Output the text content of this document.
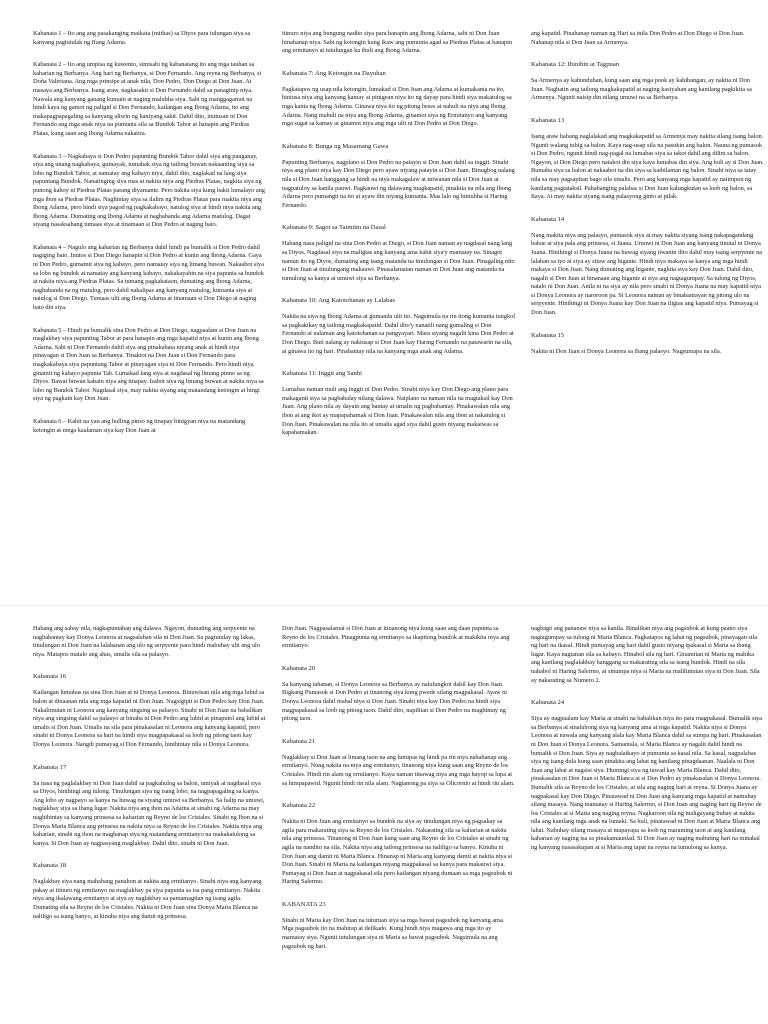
Kabanata 1 – Ito ang ang pasakanging maikata (mithas) sa Diyos para tulungan siya sa kanyang pagtutulak ng Ifang Adarna.

Kabanata 2 – Ito ang umpisa ng kuwento, simisabi ng kabanatang ito ang mga tauhan sa kaharian ng Berbanya. Ang hari ng Berbanya, si Don Fernando. Ang reyna ng Berbanya, si Doña Valeriana. Ang mga prinsipe at anak nila, Don Pedro, Don Diego at Don Juan. At masaya ang Berbanya. Isang araw, nagkasakit si Don Fernando dahil sa panaginip niya. Nawala ang kanyang ganang kumain at naging malubha siya. Sabi ng manggagamot na hindi kaya ng gamot ng paligid si Don Fernando, kailangan ang Ibong Adarna, ito ang makapagpapagaling sa kanyang aliwin ng kaniyang sakit. Dahil dito, inutusan ni Don Fernando ang mga anak niya na pumunta sila sa Bundok Tabor at hanapin ang Piedras Platas, kung saan ang Ibong Adarna nakatira.

Kabanata 3 – Nagkabaya si Don Pedro papunting Bundok Tabor dahil siya ang panganay, siya ang unang nagkabaya, gumayak, tumahak siya ng tatlong buwan nakaanting siya sa lobo ng Bundok Tabor, at namatay ang kabayo niya, dahil dito, naglakad na lang siya papuntang Bundok. Nanatinging siya mas at nakita niya ang Piedras Platas, nagkita siya ng punong kahoy ni Piedras Platas parang diyamante. Pero nakita siya kung bakit lumalayo ang mga ibon sa Piedras Platas. Naghintay siya sa ilalim ng Piedras Platas para makita niya ang Ibong Adarna, pero hindi siya pagod ng pagkakabayo, natulog siya at hindi niya nakita ang Ibong Adarna. Dumating ang Ibong Adarna at nagbabanda ang Adarna matulog. Dagat siyang nasaksahang tumaas siya at tinamaan si Don Pedro at naging bato.

Kabanata 4 – Nagulo ang kaharian ng Berbanya dahil hindi pa bumalik si Don Pedro dahil nagiging bato. Inutos si Don Diego hanapin si Don Pedro at kunin ang Ibong Adarna. Gaya ni Don Pedro, gumamit siya ng kabayo, pero namatay siya ng limang buwan. Nakaabot siya sa lobo ng bundok at namatay ang kanyang kabayo, nakakayahin na siya papunta sa bundok at nakita niya ang Piedras Platas. Sa tumang pagkakataon, dumating ang Ibong Adarna, naghahanda na ng matulog, pero dahil nakalipas ang kanyang matulog, kumanta siya at natulog si Don Diego. Tumaas ulit ang Ibong Adarna at tinamaan si Don Diego at naging bato din siya.

Kabanata 5 – Hindi pa bumalik sina Don Pedro at Don Diego, nagpaalam si Don Juan na maglakbay siya papunting Tabor at para hanapin ang mga kapatid niya at kunin ang Ibong Adarna. Sabi ni Don Fernando dahil siya ang pinakabata niyang anak at hindi siya pinayagan si Don Juan sa Berbanya. Tinaktot na Don Juan si Don Fernando para magkakabaya siya papuntang Tabor at pinayagan siya ni Don Fernando. Pero hindi niya ginamit ng kabayo papunta Tab. Lumakad lang siya at nagdasal ng limang pinno sa ng Diyos. Bawat buwan kabain niya ang tinapay. Isabot siya ng limang buwan at nakita niya sa lobo ng Bundok Tabor. Nagdasal siya, may nakita siyang ang matandang ketongin at hingi siya ng pagkain kay Don Juan.

Kabanata 6 – Kahit na yan ang hulling pinso ng tinapay binigyan niya na matandang ketongin at mega kaalaman siya kay Don Juan at

itinuro niya ang bungung nadito siya para hanapin ang Ibong Adarna, sabi ni Don Juan hinahanap niya. Sabi ng ketongin kung ikaw ang pumunta agad sa Piedras Platas at hanapin ang ermitanyo at tutulungan ka ihuli ang Ibong Adarna.

Kabanata 7: Ang Ketongin na Dayuhan

Pagkatapos ng usap nila ketongin, lumakad si Don Juan ang Adarna at kumakanta na ito, hiniusa niya ang kanyang kamay at pinigean niya ito ng dayap para hindi siya makatulog sa mga kanta ng Ibong Adarna. Ginawa niya ito ng pitong beses at nahuli na niya ang Ibong Adarna. Nang mahuli na niya ang Ibong Adarna, ginamot siya ng Ermitanyo ang kanyang mga sugat sa kamay at ginamot niya ang mga ulit ni Don Pedro at Don Diego.

Kabanata 8: Bunga ng Masamang Gawa

Papunting Berbanya, nagplano si Don Pedro na patayin si Don Juan dahil sa inggit. Sinabi niya ang plano niya kay Don Diego pero ayaw niyang patayin si Don Juan. Binugbog nalang nila si Don Juan hanggang sa hindi na niya makagalaw at iniwanan nila si Don Juan at nagpatuloy sa kanila pauwi. Pagkauwi ng dalawang magkapatid, pinakita na nila ang Ibong Adarna pero pumangit na ito at ayaw din niyang kumanta. Mas lalo ng lumubha si Haring Fernando.

Kabanata 9: Sagot sa Taimtim na Dasal

Habang nasa paligid na sina Don Pedro at Diego, si Don Juan naman ay nagdasal nang lang sa Diyos. Nagdasal siya na maligtas ang kanyang ama kahit siya'y mamatay na. Sinagot naman ito ng Diyos, dumating ang isang matanda na tinulungan si Don Juan. Pinagaling nito si Don Juan at tinulungang makauwi. Pinasalamatan naman ni Don Juan ang matanda na tumulong sa kanya at umuwi siya sa Berbanya.

Kabanata 10: Ang Katotohanan ay Lalabas

Nakita na siya ng Ibong Adarna at gumanda ulit ito. Nagsimula na rin itong kumanta tungkol sa pagkakikay ng tatlong magkakapatid. Dahil dito'y nanatili nang gumaling si Don Fernando at nalaman ang katotohanan sa pangyayari. Mara siyang nagalit kina Don Pedro at Don Diego. Buti nalang ay nakiusap si Don Juan kay Haring Fernando na patawarin na sila, at ginawa ito ng hari. Pinabantay nila na kanyang mga anak ang Adarna.

Kabanata 11: Inggit ang Sanhi

Lumabas naman muli ang inggit ni Don Pedro. Sinabi niya kay Don Diego ang plano para makaganti siya sa pagbabalay nilang dalawa. Naiplano na naman nila na magtaksil kay Don Juan. Ang plano nila ay dayain ang bantay at umalis ng pagbabantay. Pinakawalan nila ang ibon at ang ikot ay mapapahamak si Don Juan. Pinakawalan nila ang ibon at nakatulog si Don Juan. Pinakawalan na nila ito at umalis agad siya dahil gusto niyang makaiwas sa kapahamakan.

ang kapatid. Pinahanap naman ng Hari sa inila Don Pedro at Don Diego si Don Juan. Nahanap nila si Don Juan sa Armenya.

Kabanata 12: Ibinibin at Tagpuan

Sa Armenya ay kabunduhan, kung saan ang mga pook ay kahibangan, ay nakita ni Don Juan. Nagbatin ang tatlong magkakapatid at naging kasiyahan ang kanilang pagkikita sa Armenya. Ngunit naisip din nilang umuwi na sa Berbanya.

Kabanata 13

Isang araw habang naglalakad ang magkakapatid sa Armenya may nakita silang isang balon. Ngunit walang tubig sa balon. Kaya nag-usap sila na pasukin ang balon. Nauna ng pumasok si Don Pedro, ngunit hindi nag-pagal na lumabas siya sa takot dahil ang dilim sa balon. Ngayon, si Don Diego pero natakot din siya kaya lumabas din siya. Ang huli ay si Don Juan. Bumaba siya sa balon at nakaabot na din siya sa kaibilaman ng balon. Sinabi niya sa tatay nila sa may pagsapitan bago sila umalis. Pero ang kanyang mga kapatid ay naiimpon ng kanilang pagtataksil. Pahabanging palabas si Don Juan kalungkutan sa loob ng balon, sa Itaya. At may nakita siyang isang palasyong ginto at pilak.

Kabanata 14

Nang makita niya ang palasyo, pumasok siya at may nakita siyang isang nakapagandang babae at siya pala ang prinsesa, si Juana. Umuwi ni Don Juan ang kanyang tinutal ni Donya Juana. Hinihingi si Donya Juana na huwag siyang iiwanin dito dahil may isang serpyente na lalaban sa iyo at siya ay sitaw ang higante. Hindi niya makaya sa kanya ang mga hindi makaya si Don Juan. Nang dumating ang higante, nagkita siya kay Don Juan. Dahil dito, nagalit si Don Juan at binanaan ang higante at siya ang nagtagumpay. Sa tulong ng Diyos, natalo ni Don Juan. Anila ni na siya ay nila pero sinabi ni Donya Juana na may kapatid niya si Donya Leonora ay naroroon pa. Si Leonora naman ay binabantayan ng pitong ulo na serpyente. Hinihingi ni Donya Juana kay Don Juan na iligtas ang kapatid niya. Pumayag si Don Juan.

Kabanata 15

Nakita ni Don Juan si Donya Leonora sa ibang palasyo. Nagsumapa na sila.

Habang ang sabay nila, nagkapuntahan ang dalawa. Ngayon, dumating ang serpyente na nagbabantay kay Donya Leonora at nagsalaban sila ni Don Juan. Sa pagtutulay ng lakas, tinulungan ni Don Juan na lalabanan ang ulo ng serpyente para hindi mabuhay ulit ang ulo niya. Matapos matalo ang ahas, umalis sila sa palasyo.

Kabanata 16

Kailangan lumabas na sina Don Juan at ni Donya Leonora. Binuwisan nila ang mga lubid sa balon at dinaanan nila ang mga kapatid ni Don Juan. Nagsigipit si Don Pedro kay Don Juan. Nakalimutan ni Leonora ang kanyang singsing sa palasyo. Sinabi ni Don Juan na babalikan niya ang singsing dahil sa palasyo at binaba ni Don Pedro ang lubid at pinaputol ang lubid at umalis si Don Juan. Umalis na sila para pinakasalan ni Leonora ang kanyang kapatid, pero sinabi ni Donya Leonora sa hari na hindi siya magpapakasal sa loob ng pitong taon kay Donya Leonora. Nangdi pumayag si Don Fernando, hinihintay nila si Donya Leonora.

Kabanata 17

Sa nasa ng paglalakbay ni Don Juan dahil sa pagkahulog sa balon, umiyak at nagdasal siya sa Diyos, hinihingi ang tulong. Tinulungan siya ng isang lobo, na nagpapagaling sa kanya. Ang lobo ay nagpayo sa kanya na huwag na siyang umuwi sa Berbanya. Sa halip na umuwi, naglakbay siya sa ibang lugar. Nakita niya ang ibon na Adarna at sinabi ng Adarna na may naghihintay sa kanyang prinsesa sa kaharian ng Reyno de los Cristales. Sinabi ng Ibon na si Donya Maria Blanca ang prinsesa na nakita niya sa Reyno de los Cristales. Nakita niya ang kaharian, sinabi ng ibon na maghanap siya ng matandang ermitanyo na makakatulong sa kanya. Si Don Juan ay nagpasyang maglakbay. Dahil dito, sinabi ni Don Juan.

Kabanata 18

Naglakbay siya nang mahabang panahon at nakita ang ermitanyo. Sinabi niya ang kanyang pakay at itinuro ng ermitanyo na maglakbay pa siya papunta sa isa pang ermitanyo. Nakita niya ang ikalawang ermitanyo at siya ay naglakbay sa pamamagitan ng isang agila. Dumating sila sa Reyno de los Cristales. Nakita ni Don Juan sina Donya Maria Blanca na naliligo sa isang banyo, at kinuha niya ang damit ng prinsesa.

Don Juan. Nagpasalamat si Don Juan at itinanong niya kung saan ang daan papunta sa Reyno de los Cristales. Pinagpunta ng ermitanyo sa ikapitong bundok at makikita niya ang ermitanyo.

Kabanata 20

Sa kanyang tahanan, si Donya Leonora sa Berbanya ay nalulungkot dahil kay Don Juan. Bigkang Pumasok si Don Pedro at tinanong siya kung pwede silang magpakasal. Ayaw ni Donya Leonora dahil mahal niya si Don Juan. Sinabi niya kay Don Pedro na hindi siya magpapakasal sa loob ng pitong taon. Dahil dito, napilitan si Don Pedro na maghintay ng pitong taon.

Kabanata 21

Naglakbay si Don Juan at limang taon na ang lumipas ng hindi pa rin niya nahahanap ang ermitanyo. Nung nakita na niya ang ermitanyo, tinanong niya kung saan ang Reyno de los Cristales. Hindi rin alam ng ermitanyo. Kaya naman tinawag niya ang mga hayop sa lupa at sa himpapawid. Ngunit hindi rin nila alam. Nagtanong pa siya sa Olicornio at hindi rin alam.

Kabanata 22

Nakita ni Don Juan ang ermitanyo sa bundok na siya ay tinulungan niya ng pagsakay sa agila para makarating siya sa Reyno de los Cristales. Nakarating sila sa kaharian at nakita nila ang prinsesa. Tinanong ni Don Juan kung saan ang Reyno de los Cristales at sinabi ng agila na nandito na sila. Nakita niya ang tatlong prinsesa na naliligo sa banyo. Kinuha ni Don Juan ang damit ni Maria Blanca. Hinanap ni Maria ang kanyang damit at nakita niya si Don Juan. Sinabi ni Maria na kailangan niyang magpakasal sa kanya para makauwi siya. Pumayag si Don Juan at nagpakasal sila pero kailangan niyang dumaan sa mga pagsubok ni Haring Salermo.

KABANATA 23

Sinabi ni Maria kay Don Juan na tuturuan siya sa mga bawat pagsubok ng kanyang ama. Mga pagsubok ito na mahirap at delikado. Kung hindi niya magawa ang mga ito ay mamatay siya. Ngunit tutulungan siya ni Maria sa bawat pagsubok. Nagsimula na ang pagsubok ng hari.

nagbago ang pananaw niya sa kanila. Binalikan niya ang pagsubok at kung paano siya nagtagumpay sa tulong ni Maria Blanca. Pagkatapos ng lahat ng pagsubok, pinayagan sila ng hari na ikasal. Hindi pumayag ang hari dahil gusto niyang ipakasal si Maria sa ibang lugar. Kaya nagtanan sila sa kabayo. Hinabol sila ng hari. Ginamitan ni Maria ng mahika ang kanilang paglalakbay hanggang sa makarating sila sa isang bundok. Hindi na sila nahabol ni Haring Salermo, at sinumpa niya si Maria na malilimutan siya ni Don Juan. Sila ay nakarating sa Numero 2.

Kabanata 24

Siya ay nagpaalam kay Maria at sinabi na babalikan niya ito para magpakasal. Bumalik siya sa Berbanya at sinalubong siya ng kanyang ama at mga kapatid. Nakita niya si Donya Leonora at nawala ang kanyang alala kay Maria Blanca dahil sa sumpa ng hari. Pinakasalan ni Don Juan si Donya Leonora. Samantala, si Maria Blanca ay nagalit dahil hindi na bumalik si Don Juan. Siya ay nagbalatkayo at pumunta sa kasal nila. Sa kasal, nagpalabas siya ng isang dula kung saan pinakita ang lahat ng kanilang pinagdaanan. Naalala ni Don Juan ang lahat at nagsisi siya. Humingi siya ng tawad kay Maria Blanca. Dahil dito, pinakasalan ni Don Juan si Maria Blanca at si Don Pedro ay pinakasalan si Donya Leonora. Bumalik sila sa Reyno de los Cristales, at sila ang naging hari at reyna. Si Donya Juana ay nagpakasal kay Don Diego. Pinatawad ni Don Juan ang kanyang mga kapatid at namuhay silang masaya. Nang mamatay si Haring Salermo, si Don Juan ang naging hari ng Reyno de los Cristales at si Maria ang naging reyna. Nagkaroon sila ng maligayang buhay at nakita nila ang kanilang mga anak na lumaki. Sa huli, pinatawad ni Don Juan at Maria Blanca ang lahat. Nabuhay silang masaya at mapayapa sa loob ng maraming taon at ang kanilang kaharian ay naging isa sa pinakamaunlad. Si Don Juan ay naging mabuting hari na minahal ng kanyang nasasakupan at si Maria ang tapat na reyna na tumulong sa kanya.
